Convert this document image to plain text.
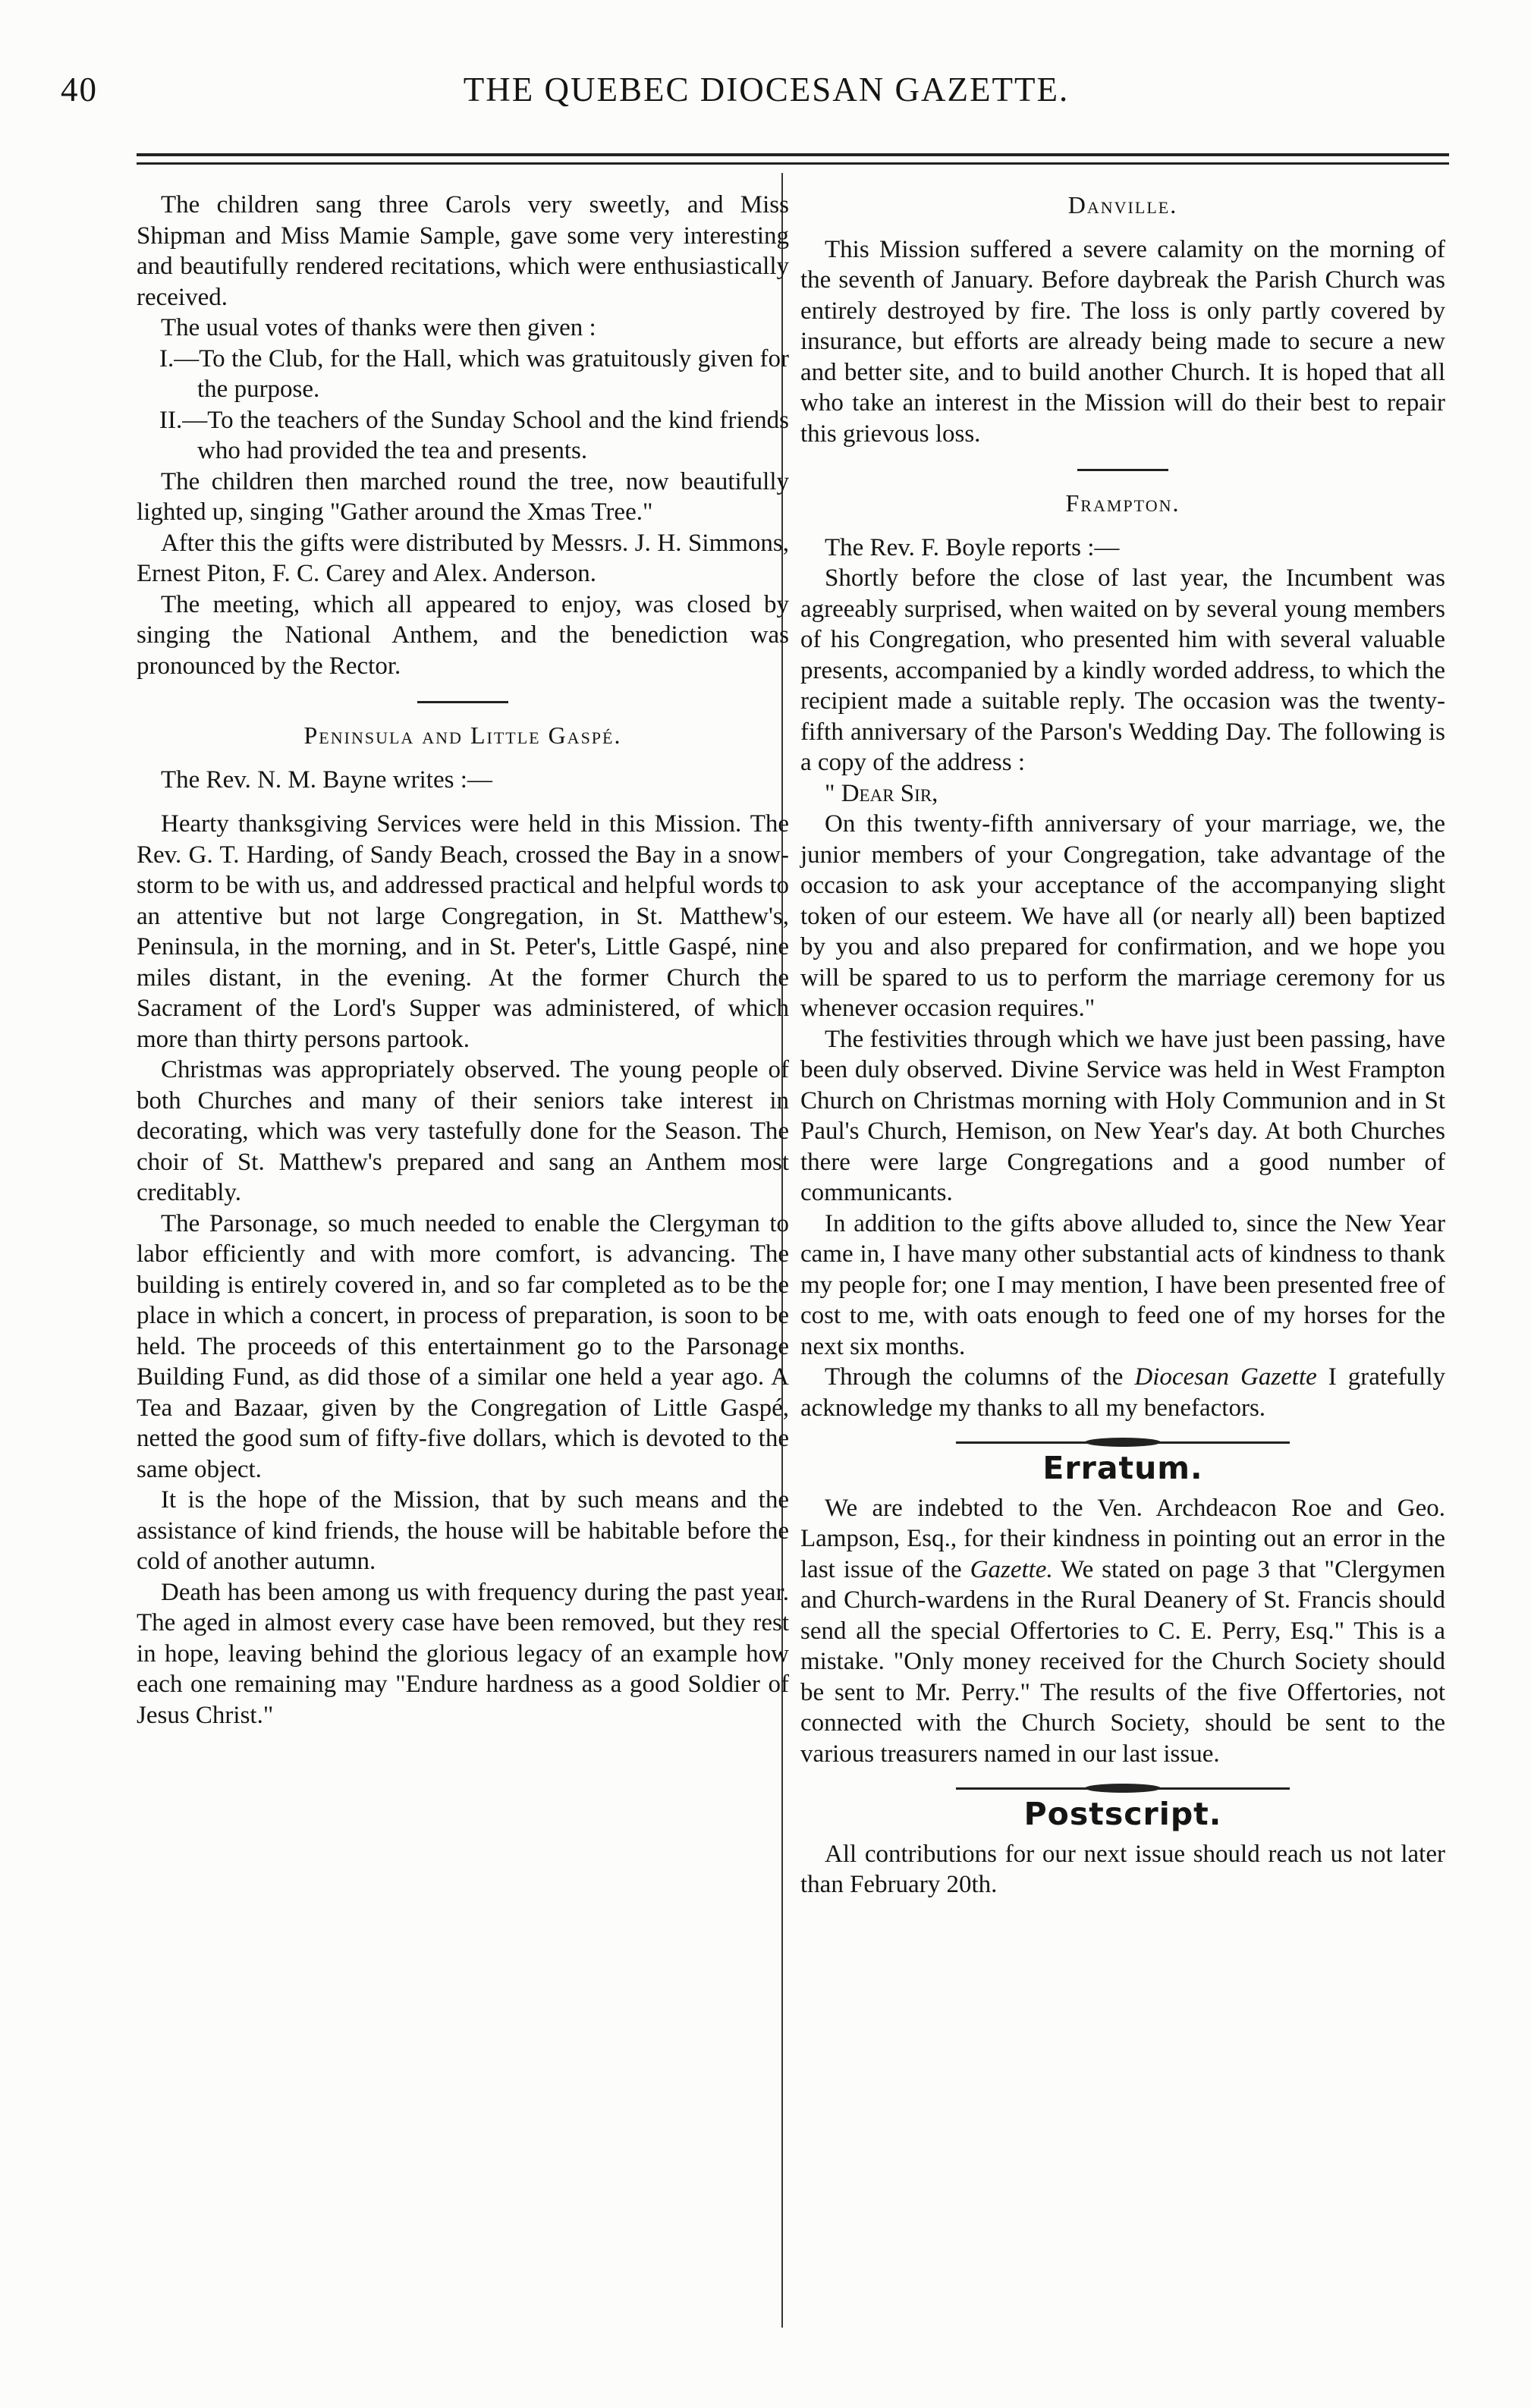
40	THE QUEBEC DIOCESAN GAZETTE.

The children sang three Carols very sweetly, and Miss Shipman and Miss Mamie Sample, gave some very interesting and beautifully rendered recitations, which were enthusiastically received.

The usual votes of thanks were then given :

I.—To the Club, for the Hall, which was gratuitously given for the purpose.

II.—To the teachers of the Sunday School and the kind friends who had provided the tea and presents.

The children then marched round the tree, now beautifully lighted up, singing "Gather around the Xmas Tree."

After this the gifts were distributed by Messrs. J. H. Simmons, Ernest Piton, F. C. Carey and Alex. Anderson.

The meeting, which all appeared to enjoy, was closed by singing the National Anthem, and the benediction was pronounced by the Rector.

Peninsula and Little Gaspé.

The Rev. N. M. Bayne writes :—

Hearty thanksgiving Services were held in this Mission. The Rev. G. T. Harding, of Sandy Beach, crossed the Bay in a snow-storm to be with us, and addressed practical and helpful words to an attentive but not large Congregation, in St. Matthew's, Peninsula, in the morning, and in St. Peter's, Little Gaspé, nine miles distant, in the evening. At the former Church the Sacrament of the Lord's Supper was administered, of which more than thirty persons partook.

Christmas was appropriately observed. The young people of both Churches and many of their seniors take interest in decorating, which was very tastefully done for the Season. The choir of St. Matthew's prepared and sang an Anthem most creditably.

The Parsonage, so much needed to enable the Clergyman to labor efficiently and with more comfort, is advancing. The building is entirely covered in, and so far completed as to be the place in which a concert, in process of preparation, is soon to be held. The proceeds of this entertainment go to the Parsonage Building Fund, as did those of a similar one held a year ago. A Tea and Bazaar, given by the Congregation of Little Gaspé, netted the good sum of fifty-five dollars, which is devoted to the same object.

It is the hope of the Mission, that by such means and the assistance of kind friends, the house will be habitable before the cold of another autumn.

Death has been among us with frequency during the past year. The aged in almost every case have been removed, but they rest in hope, leaving behind the glorious legacy of an example how each one remaining may "Endure hardness as a good Soldier of Jesus Christ."

Danville.

This Mission suffered a severe calamity on the morning of the seventh of January. Before daybreak the Parish Church was entirely destroyed by fire. The loss is only partly covered by insurance, but efforts are already being made to secure a new and better site, and to build another Church. It is hoped that all who take an interest in the Mission will do their best to repair this grievous loss.

Frampton.

The Rev. F. Boyle reports :—

Shortly before the close of last year, the Incumbent was agreeably surprised, when waited on by several young members of his Congregation, who presented him with several valuable presents, accompanied by a kindly worded address, to which the recipient made a suitable reply. The occasion was the twenty-fifth anniversary of the Parson's Wedding Day. The following is a copy of the address :

" Dear Sir,

On this twenty-fifth anniversary of your marriage, we, the junior members of your Congregation, take advantage of the occasion to ask your acceptance of the accompanying slight token of our esteem. We have all (or nearly all) been baptized by you and also prepared for confirmation, and we hope you will be spared to us to perform the marriage ceremony for us whenever occasion requires."

The festivities through which we have just been passing, have been duly observed. Divine Service was held in West Frampton Church on Christmas morning with Holy Communion and in St Paul's Church, Hemison, on New Year's day. At both Churches there were large Congregations and a good number of communicants.

In addition to the gifts above alluded to, since the New Year came in, I have many other substantial acts of kindness to thank my people for; one I may mention, I have been presented free of cost to me, with oats enough to feed one of my horses for the next six months.

Through the columns of the Diocesan Gazette I gratefully acknowledge my thanks to all my benefactors.

Erratum.

We are indebted to the Ven. Archdeacon Roe and Geo. Lampson, Esq., for their kindness in pointing out an error in the last issue of the Gazette. We stated on page 3 that "Clergymen and Church-wardens in the Rural Deanery of St. Francis should send all the special Offertories to C. E. Perry, Esq." This is a mistake. "Only money received for the Church Society should be sent to Mr. Perry." The results of the five Offertories, not connected with the Church Society, should be sent to the various treasurers named in our last issue.

Postscript.

All contributions for our next issue should reach us not later than February 20th.
